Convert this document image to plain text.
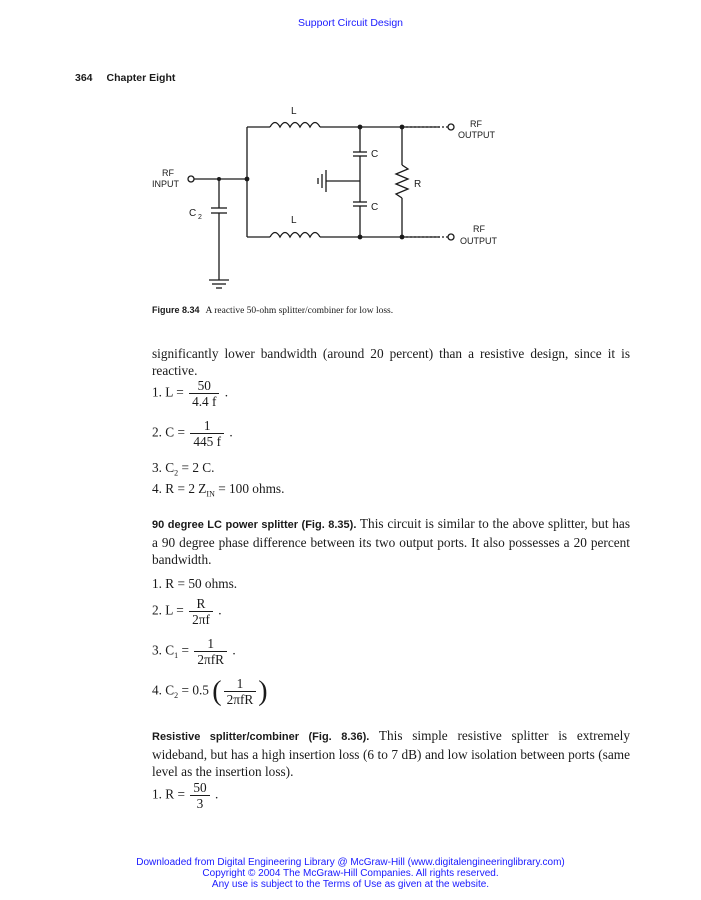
Support Circuit Design
364 Chapter Eight
L
L
C
C
R
C 2
RF
INPUT
RF
OUTPUT
RF
OUTPUT
Figure 8.34 A reactive 50-ohm splitter/combiner for low loss.
significantly lower bandwidth (around 20 percent) than a resistive design, since it is reactive.
1. $L = \frac{50}{4.4 f}$ .
2. $C = \frac{1}{445 f}$ .
3. $C_2 = 2$ C.
4. R = 2 $Z_{IN} = 100$ ohms.
90 degree LC power splitter (Fig. 8.35). This circuit is similar to the above splitter, but has a 90 degree phase difference between its two output ports. It also possesses a 20 percent bandwidth.
1. R = 50 ohms.
2. $L = \frac{R}{2\pi f}$ .
3. $C_1 = \frac{1}{\text{2πfR}}$ .
4. $C_2 = 0.5$ ( $\frac{1}{\text{2πfR}}$ )
Resistive splitter/combiner (Fig. 8.36). This simple resistive splitter is extremely wideband, but has a high insertion loss (6 to 7 dB) and low isolation between ports (same level as the insertion loss).
1. $R = \frac{50}{3}$ .
Downloaded from Digital Engineering Library @ McGraw-Hill (www.digitalengineeringlibrary.com)
Copyright © 2004 The McGraw-Hill Companies. All rights reserved.
Any use is subject to the Terms of Use as given at the website.
